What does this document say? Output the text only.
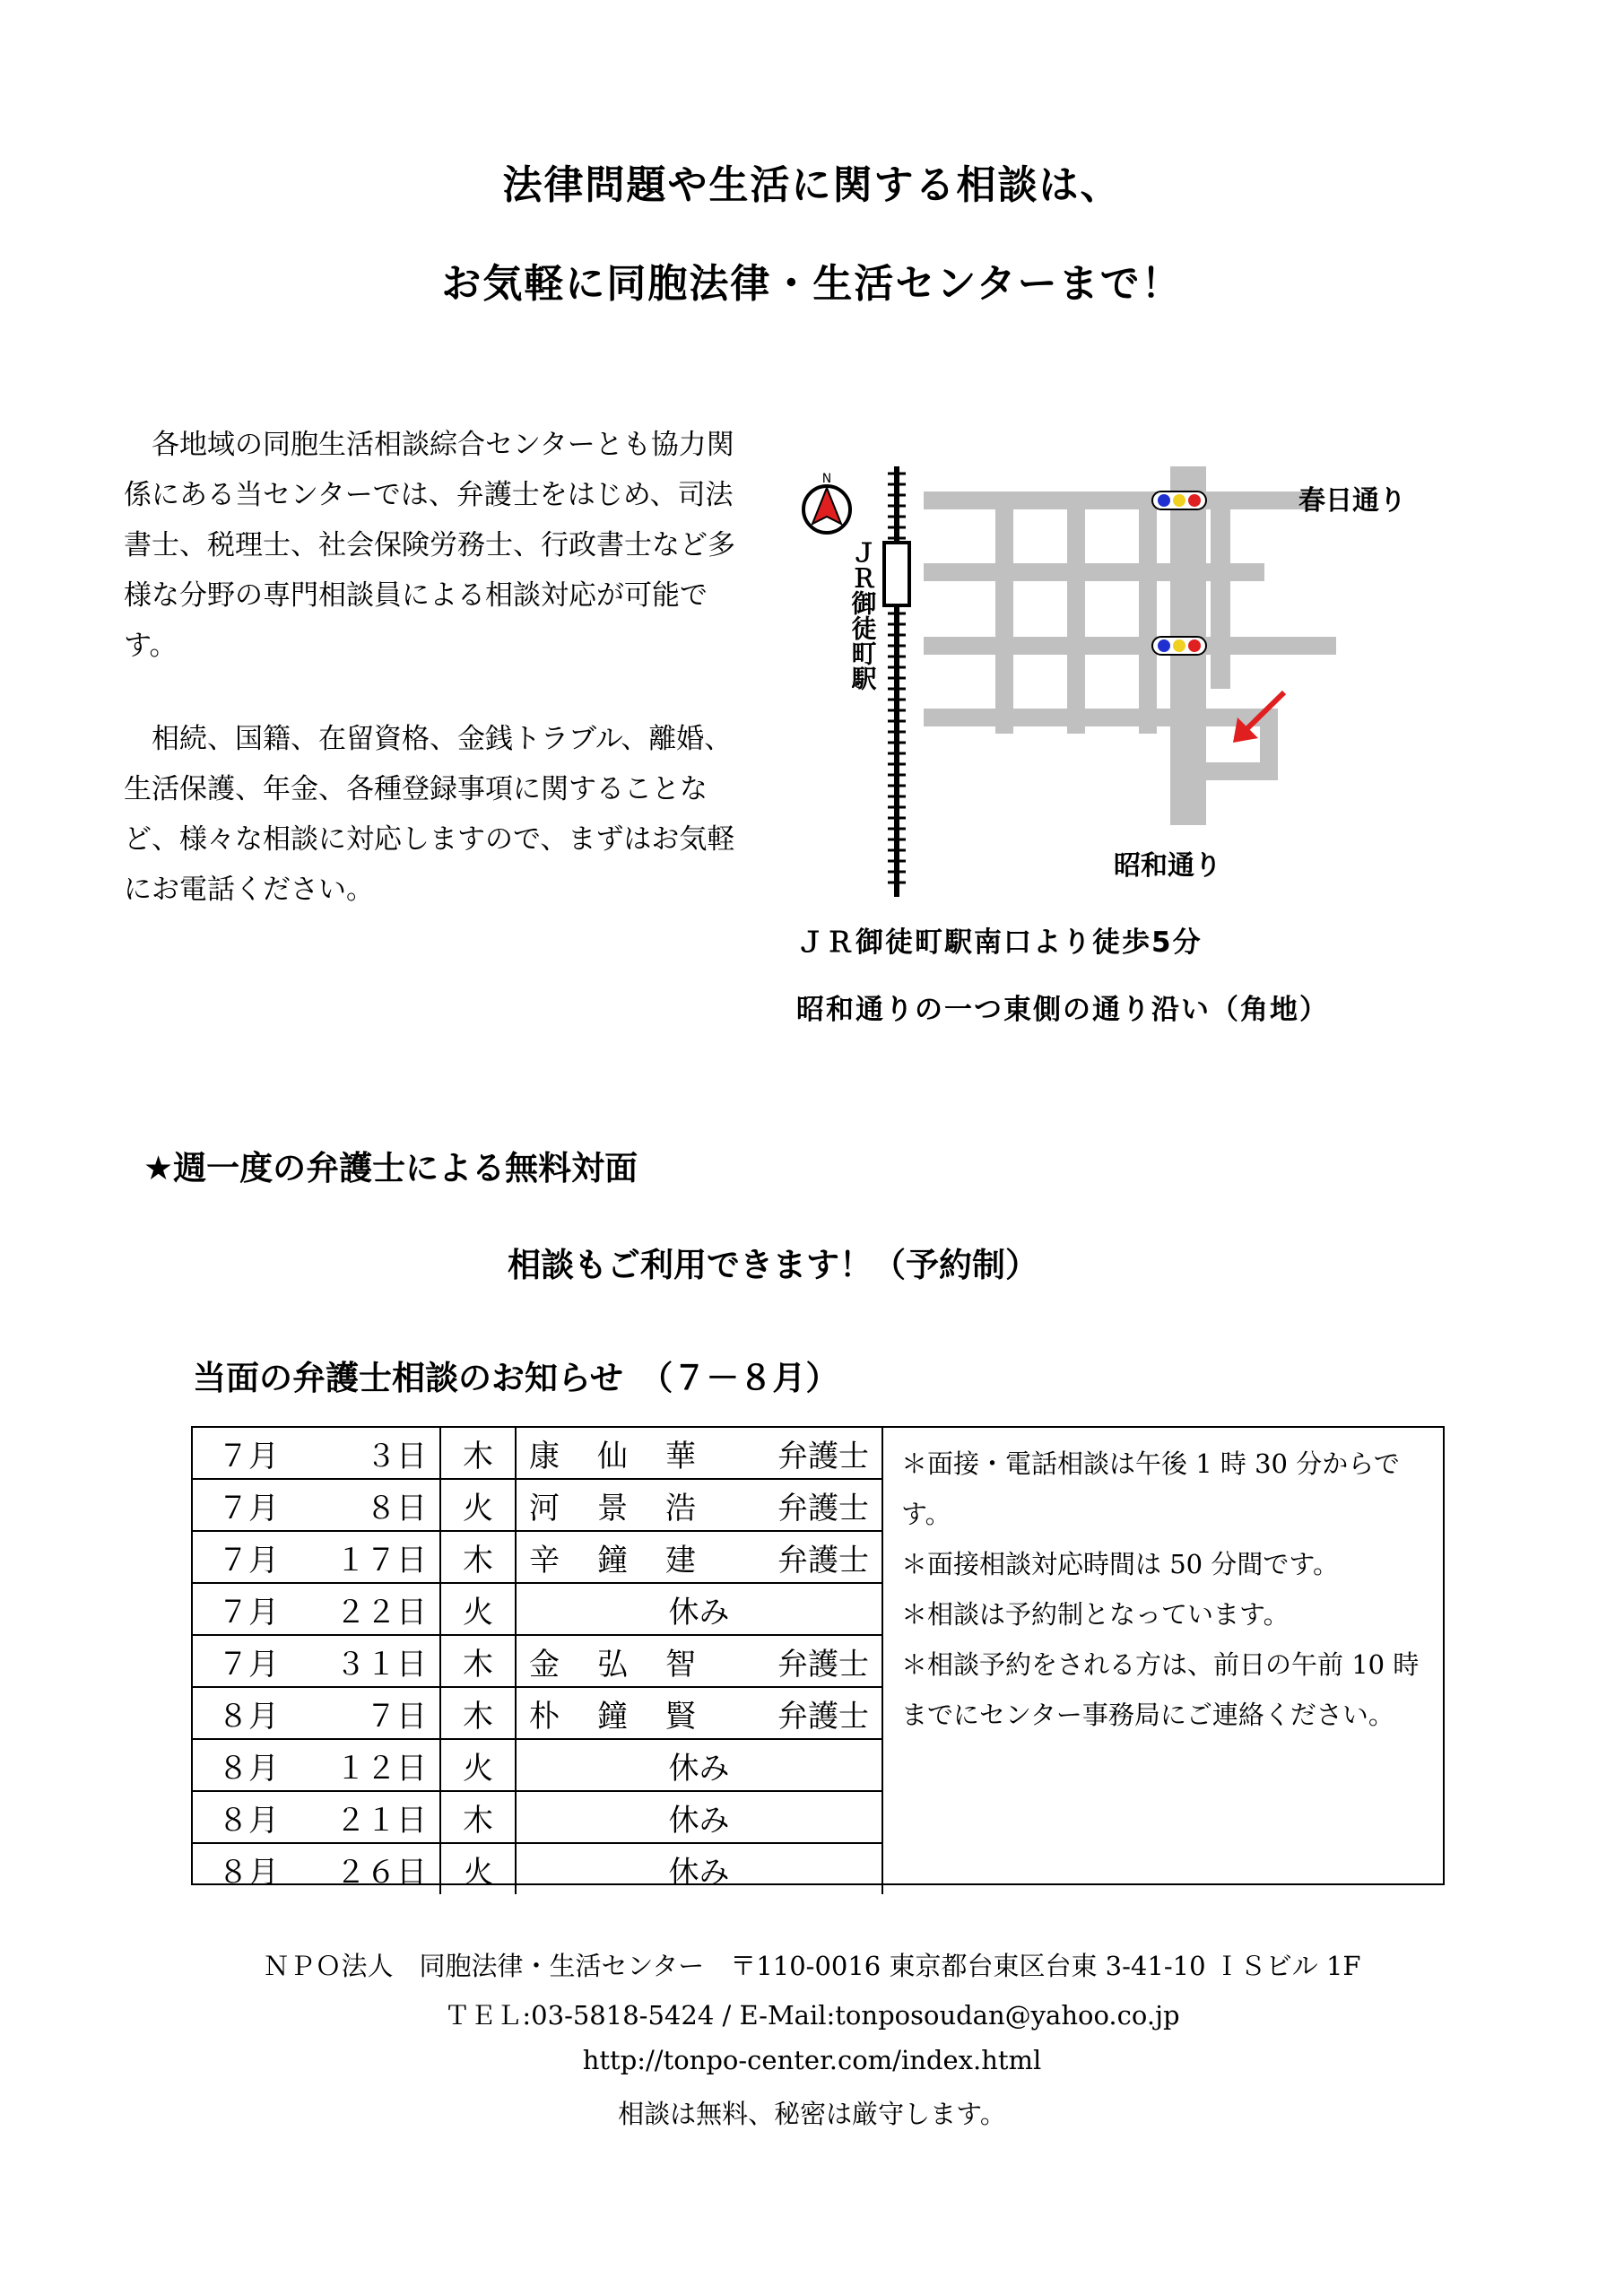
法律問題や生活に関する相談は、
お気軽に同胞法律・生活センターまで！

各地域の同胞生活相談綜合センターとも協力関係にある当センターでは、弁護士をはじめ、司法書士、税理士、社会保険労務士、行政書士など多様な分野の専門相談員による相談対応が可能です。

相続、国籍、在留資格、金銭トラブル、離婚、生活保護、年金、各種登録事項に関することなど、様々な相談に対応しますので、まずはお気軽にお電話ください。

N
春日通り
昭和通り
ＪＲ御徒町駅
ＪＲ御徒町駅南口より徒歩5分
昭和通りの一つ東側の通り沿い（角地）
★週一度の弁護士による無料対面
相談もご利用できます！（予約制）
当面の弁護士相談のお知らせ　（７－８月）
７月 ３日	木	康 仙 華 弁護士

７月 ８日	火	河 景 浩 弁護士

７月 １７日	木	辛 鐘 建 弁護士

７月 ２２日	火	休み

７月 ３１日	木	金 弘 智 弁護士

８月 ７日	木	朴 鐘 賢 弁護士

８月 １２日	火	休み

８月 ２１日	木	休み

８月 ２６日	火	休み

＊面接・電話相談は午後 1 時 30 分からです。

＊面接相談対応時間は 50 分間です。

＊相談は予約制となっています。

＊相談予約をされる方は、前日の午前 10 時までにセンター事務局にご連絡ください。

ＮＰＯ法人　同胞法律・生活センター　〒110-0016 東京都台東区台東 3-41-10 ＩＳビル 1F
ＴＥＬ:03-5818-5424 / E-Mail:tonposoudan@yahoo.co.jp
http://tonpo-center.com/index.html
相談は無料、秘密は厳守します。
